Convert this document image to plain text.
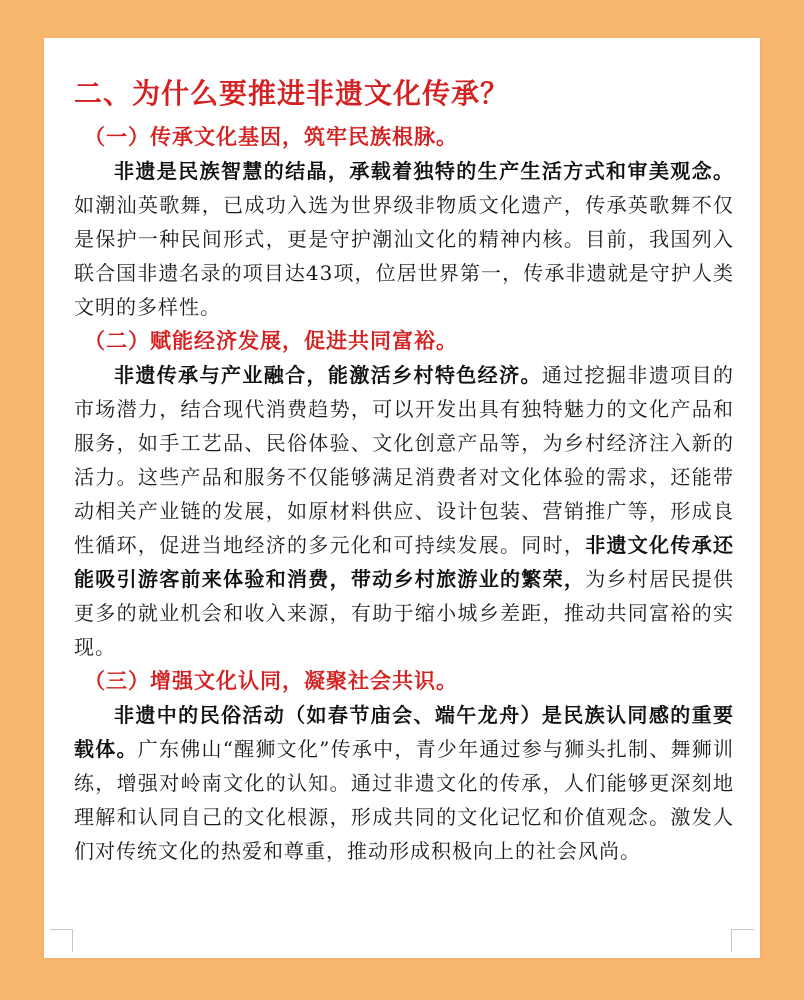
二、为什么要推进非遗文化传承？
（一）传承文化基因，筑牢民族根脉。

非遗是民族智慧的结晶，承载着独特的生产生活方式和审美观念。如潮汕英歌舞，已成功入选为世界级非物质文化遗产，传承英歌舞不仅是保护一种民间形式，更是守护潮汕文化的精神内核。目前，我国列入联合国非遗名录的项目达43项，位居世界第一，传承非遗就是守护人类文明的多样性。

（二）赋能经济发展，促进共同富裕。

非遗传承与产业融合，能激活乡村特色经济。通过挖掘非遗项目的市场潜力，结合现代消费趋势，可以开发出具有独特魅力的文化产品和服务，如手工艺品、民俗体验、文化创意产品等，为乡村经济注入新的活力。这些产品和服务不仅能够满足消费者对文化体验的需求，还能带动相关产业链的发展，如原材料供应、设计包装、营销推广等，形成良性循环，促进当地经济的多元化和可持续发展。同时，非遗文化传承还能吸引游客前来体验和消费，带动乡村旅游业的繁荣，为乡村居民提供更多的就业机会和收入来源，有助于缩小城乡差距，推动共同富裕的实现。

（三）增强文化认同，凝聚社会共识。

非遗中的民俗活动（如春节庙会、端午龙舟）是民族认同感的重要载体。广东佛山“醒狮文化”传承中，青少年通过参与狮头扎制、舞狮训练，增强对岭南文化的认知。通过非遗文化的传承，人们能够更深刻地理解和认同自己的文化根源，形成共同的文化记忆和价值观念。激发人们对传统文化的热爱和尊重，推动形成积极向上的社会风尚。
